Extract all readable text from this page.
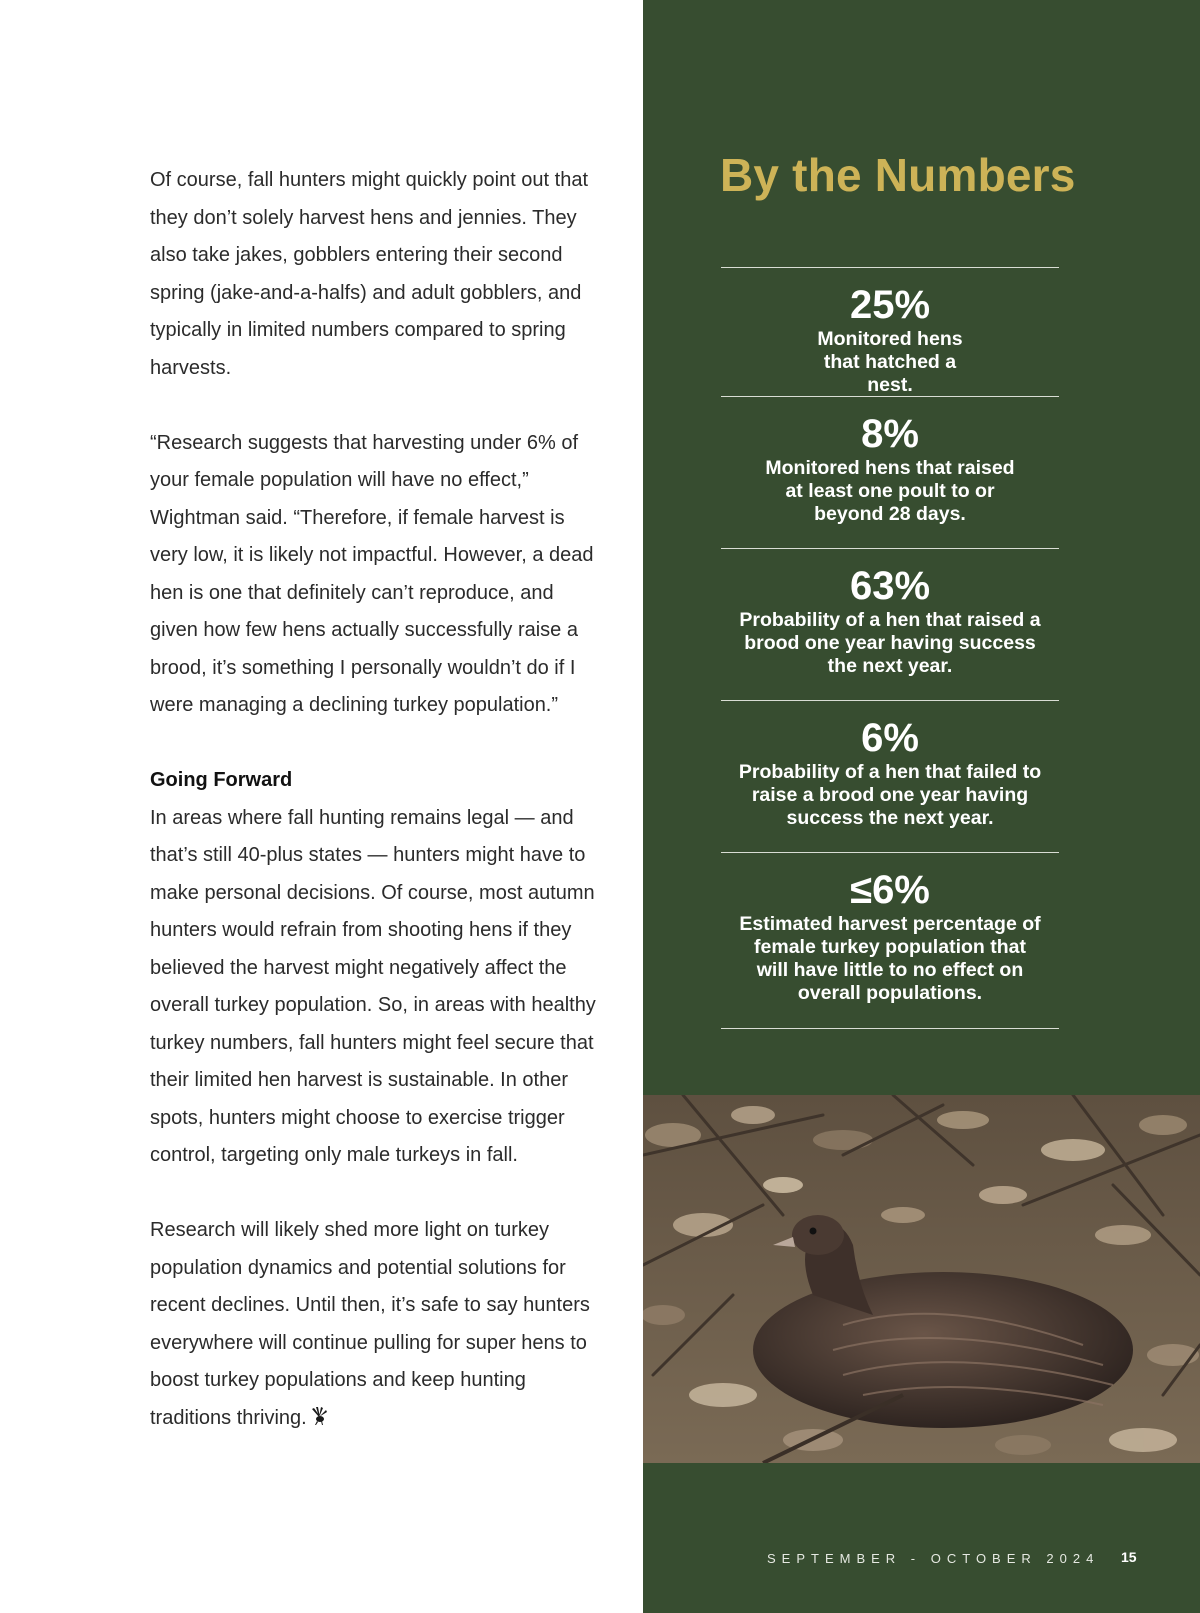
Of course, fall hunters might quickly point out that they don’t solely harvest hens and jennies. They also take jakes, gobblers entering their second spring (jake-and-a-halfs) and adult gobblers, and typically in limited numbers compared to spring harvests.

“Research suggests that harvesting under 6% of your female population will have no effect,” Wightman said. “Therefore, if female harvest is very low, it is likely not impactful. However, a dead hen is one that definitely can’t reproduce, and given how few hens actually successfully raise a brood, it’s something I personally wouldn’t do if I were managing a declining turkey population.”

Going Forward

In areas where fall hunting remains legal — and that’s still 40-plus states — hunters might have to make personal decisions. Of course, most autumn hunters would refrain from shooting hens if they believed the harvest might negatively affect the overall turkey population. So, in areas with healthy turkey numbers, fall hunters might feel secure that their limited hen harvest is sustainable. In other spots, hunters might choose to exercise trigger control, targeting only male turkeys in fall.

Research will likely shed more light on turkey population dynamics and potential solutions for recent declines. Until then, it’s safe to say hunters everywhere will continue pulling for super hens to boost turkey populations and keep hunting traditions thriving.

By the Numbers
25%
Monitored hens that hatched a nest.
8%
Monitored hens that raised at least one poult to or beyond 28 days.
63%
Probability of a hen that raised a brood one year having success the next year.
6%
Probability of a hen that failed to raise a brood one year having success the next year.
≤6%
Estimated harvest percentage of female turkey population that will have little to no effect on overall populations.
SEPTEMBER - OCTOBER 2024 15
